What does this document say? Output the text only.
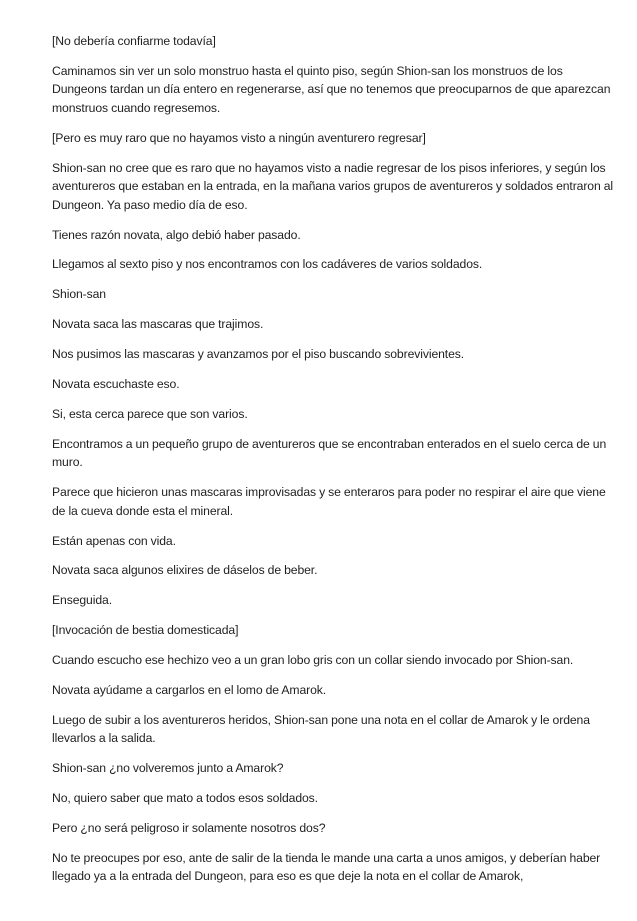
[No debería confiarme todavía]

Caminamos sin ver un solo monstruo hasta el quinto piso, según Shion-san los monstruos de los Dungeons tardan un día entero en regenerarse, así que no tenemos que preocuparnos de que aparezcan monstruos cuando regresemos.

[Pero es muy raro que no hayamos visto a ningún aventurero regresar]

Shion-san no cree que es raro que no hayamos visto a nadie regresar de los pisos inferiores, y según los aventureros que estaban en la entrada, en la mañana varios grupos de aventureros y soldados entraron al Dungeon. Ya paso medio día de eso.

Tienes razón novata, algo debió haber pasado.

Llegamos al sexto piso y nos encontramos con los cadáveres de varios soldados.

Shion-san

Novata saca las mascaras que trajimos.

Nos pusimos las mascaras y avanzamos por el piso buscando sobrevivientes.

Novata escuchaste eso.

Si, esta cerca parece que son varios.

Encontramos a un pequeño grupo de aventureros que se encontraban enterados en el suelo cerca de un muro.

Parece que hicieron unas mascaras improvisadas y se enteraros para poder no respirar el aire que viene de la cueva donde esta el mineral.

Están apenas con vida.

Novata saca algunos elixires de dáselos de beber.

Enseguida.

[Invocación de bestia domesticada]

Cuando escucho ese hechizo veo a un gran lobo gris con un collar siendo invocado por Shion-san.

Novata ayúdame a cargarlos en el lomo de Amarok.

Luego de subir a los aventureros heridos, Shion-san pone una nota en el collar de Amarok y le ordena llevarlos a la salida.

Shion-san ¿no volveremos junto a Amarok?

No, quiero saber que mato a todos esos soldados.

Pero ¿no será peligroso ir solamente nosotros dos?

No te preocupes por eso, ante de salir de la tienda le mande una carta a unos amigos, y deberían haber llegado ya a la entrada del Dungeon, para eso es que deje la nota en el collar de Amarok,
